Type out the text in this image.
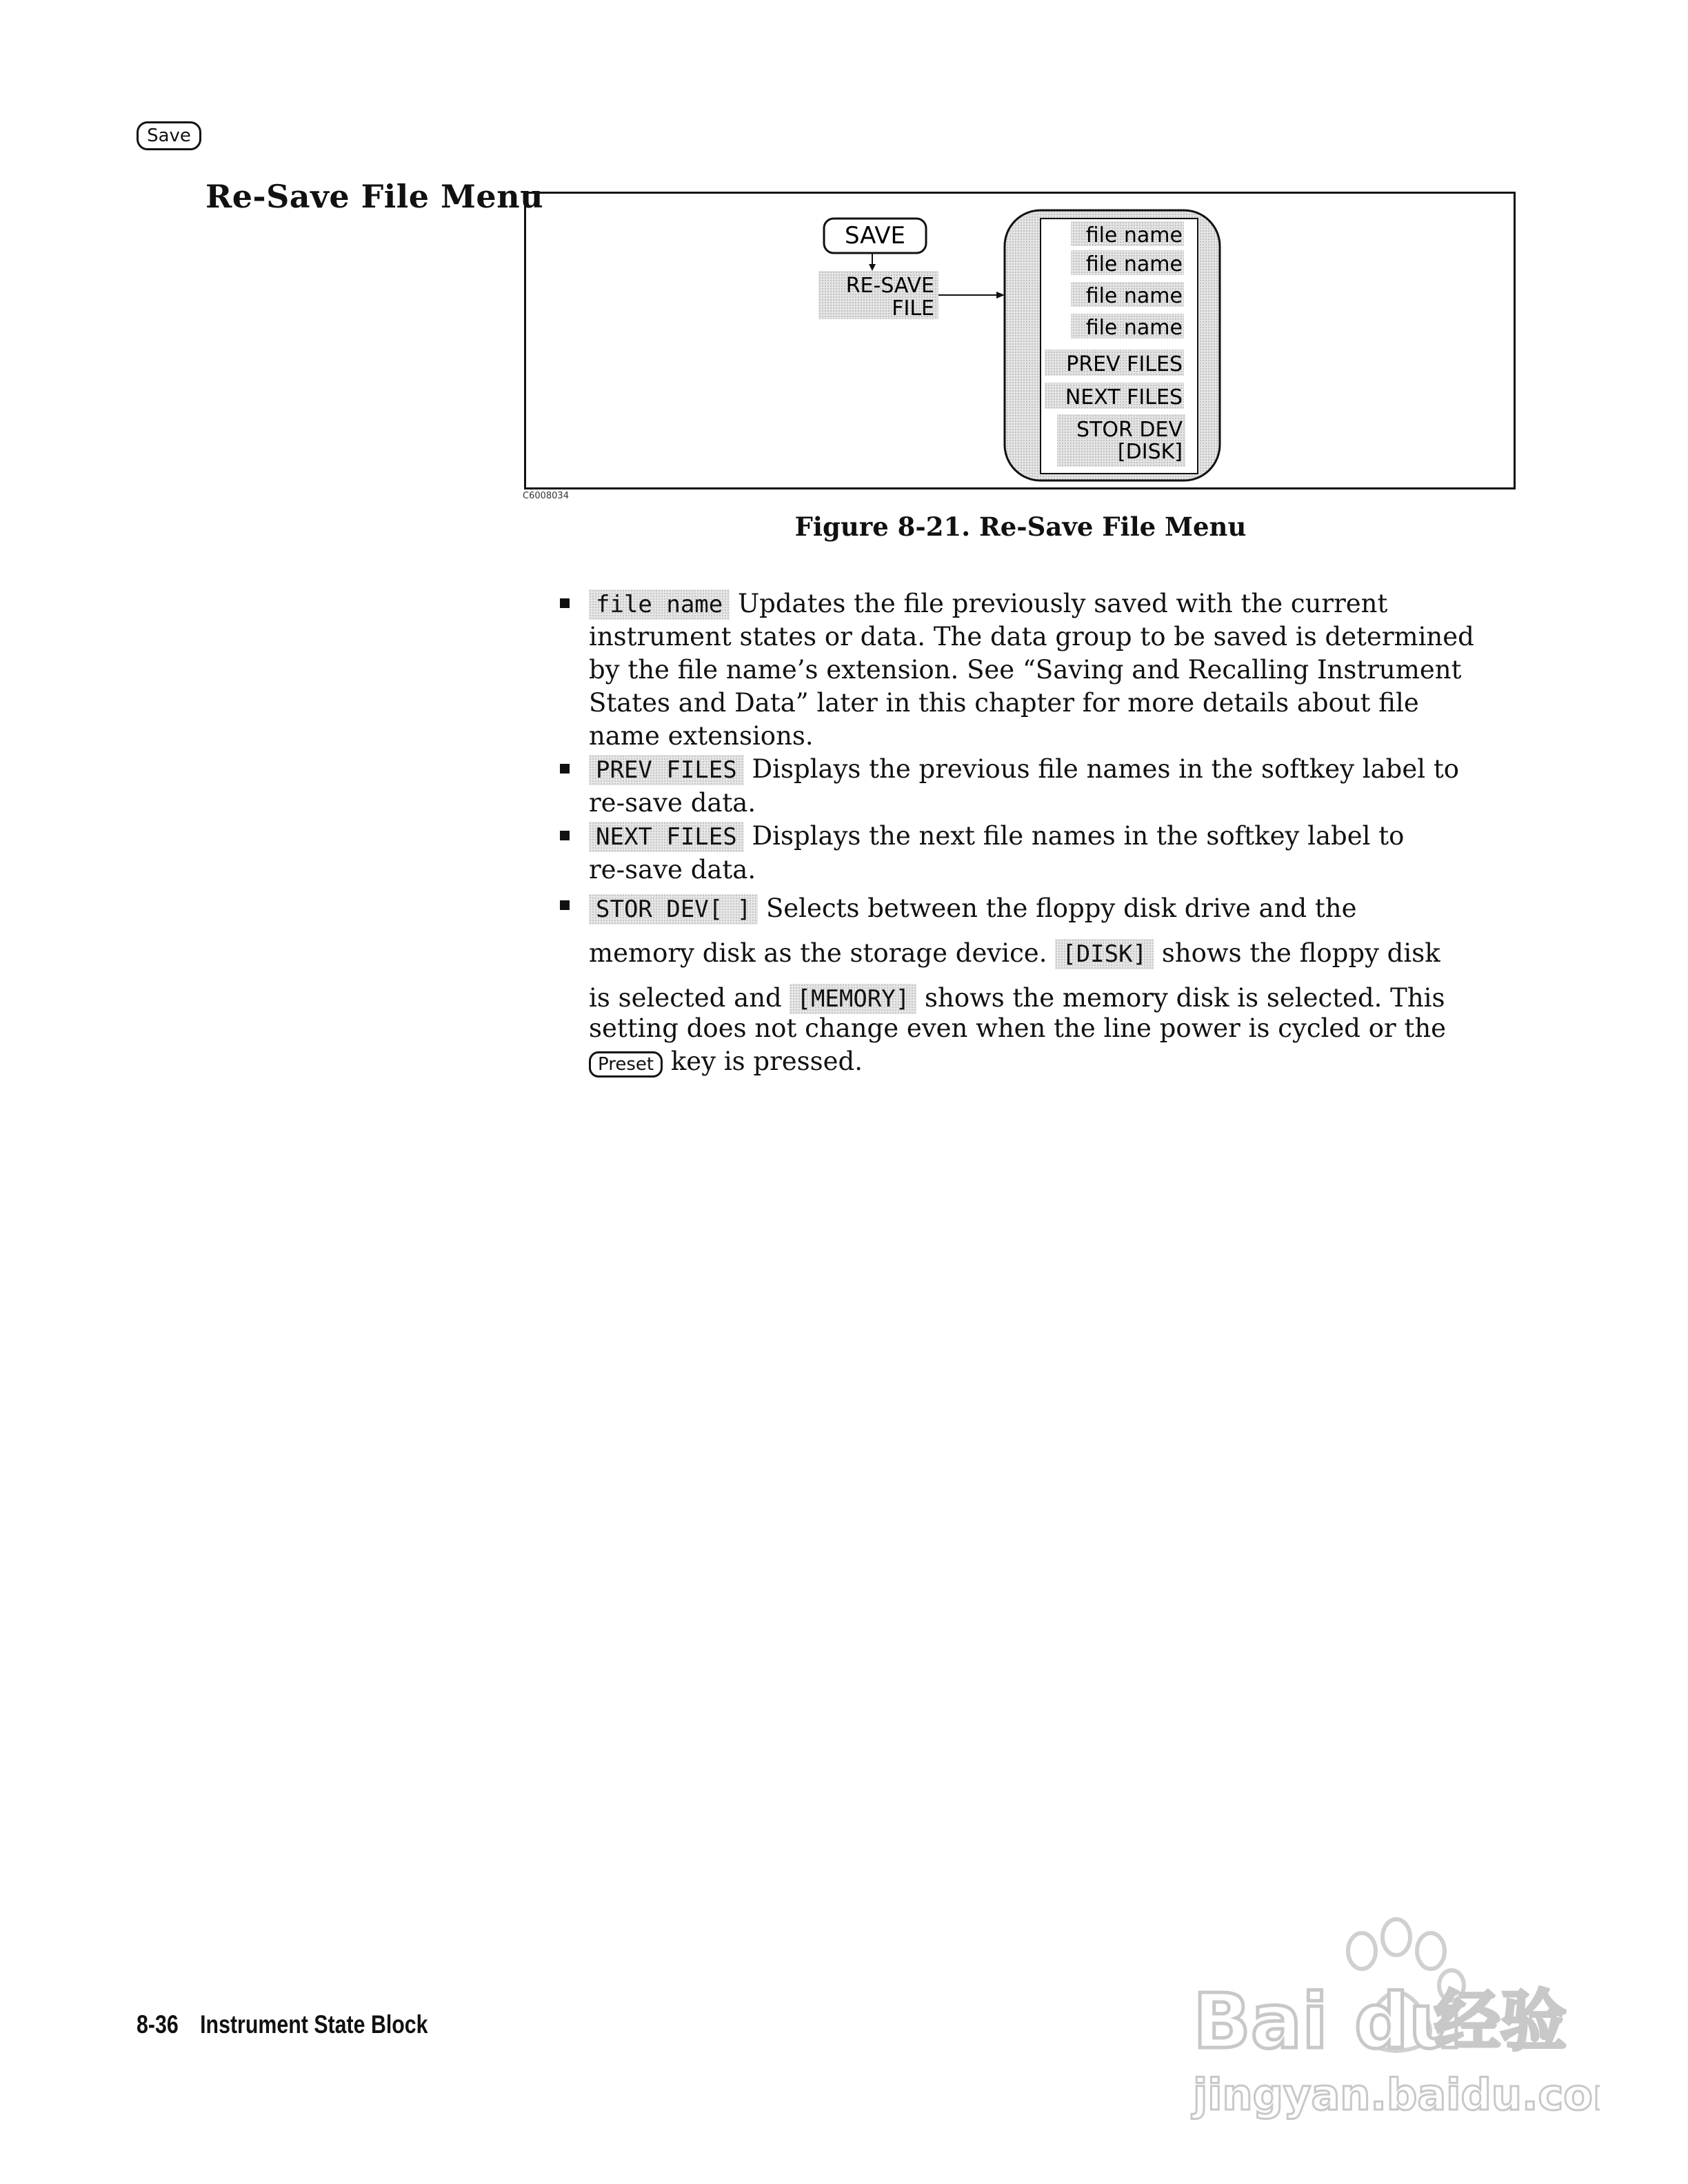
Save
Re-Save File Menu
SAVE
RE-SAVE
FILE
file name
file name
file name
file name
PREV FILES
NEXT FILES
STOR DEV
[DISK]
C6008034
Figure 8-21. Re-Save File Menu
file name Updates the file previously saved with the current
instrument states or data. The data group to be saved is determined by the file name’s extension. See “Saving and Recalling Instrument States and Data” later in this chapter for more details about file name extensions.
PREV FILES Displays the previous file names in the softkey label to re-save data.
NEXT FILES Displays the next file names in the softkey label to re-save data.
STOR DEV[ ] Selects between the floppy disk drive and the
memory disk as the storage device. [DISK] shows the floppy disk
is selected and [MEMORY] shows the memory disk is selected. This
setting does not change even when the line power is cycled or the
Preset key is pressed.
8-36 Instrument State Block	Bai du
经验
jingyan.baidu.com
